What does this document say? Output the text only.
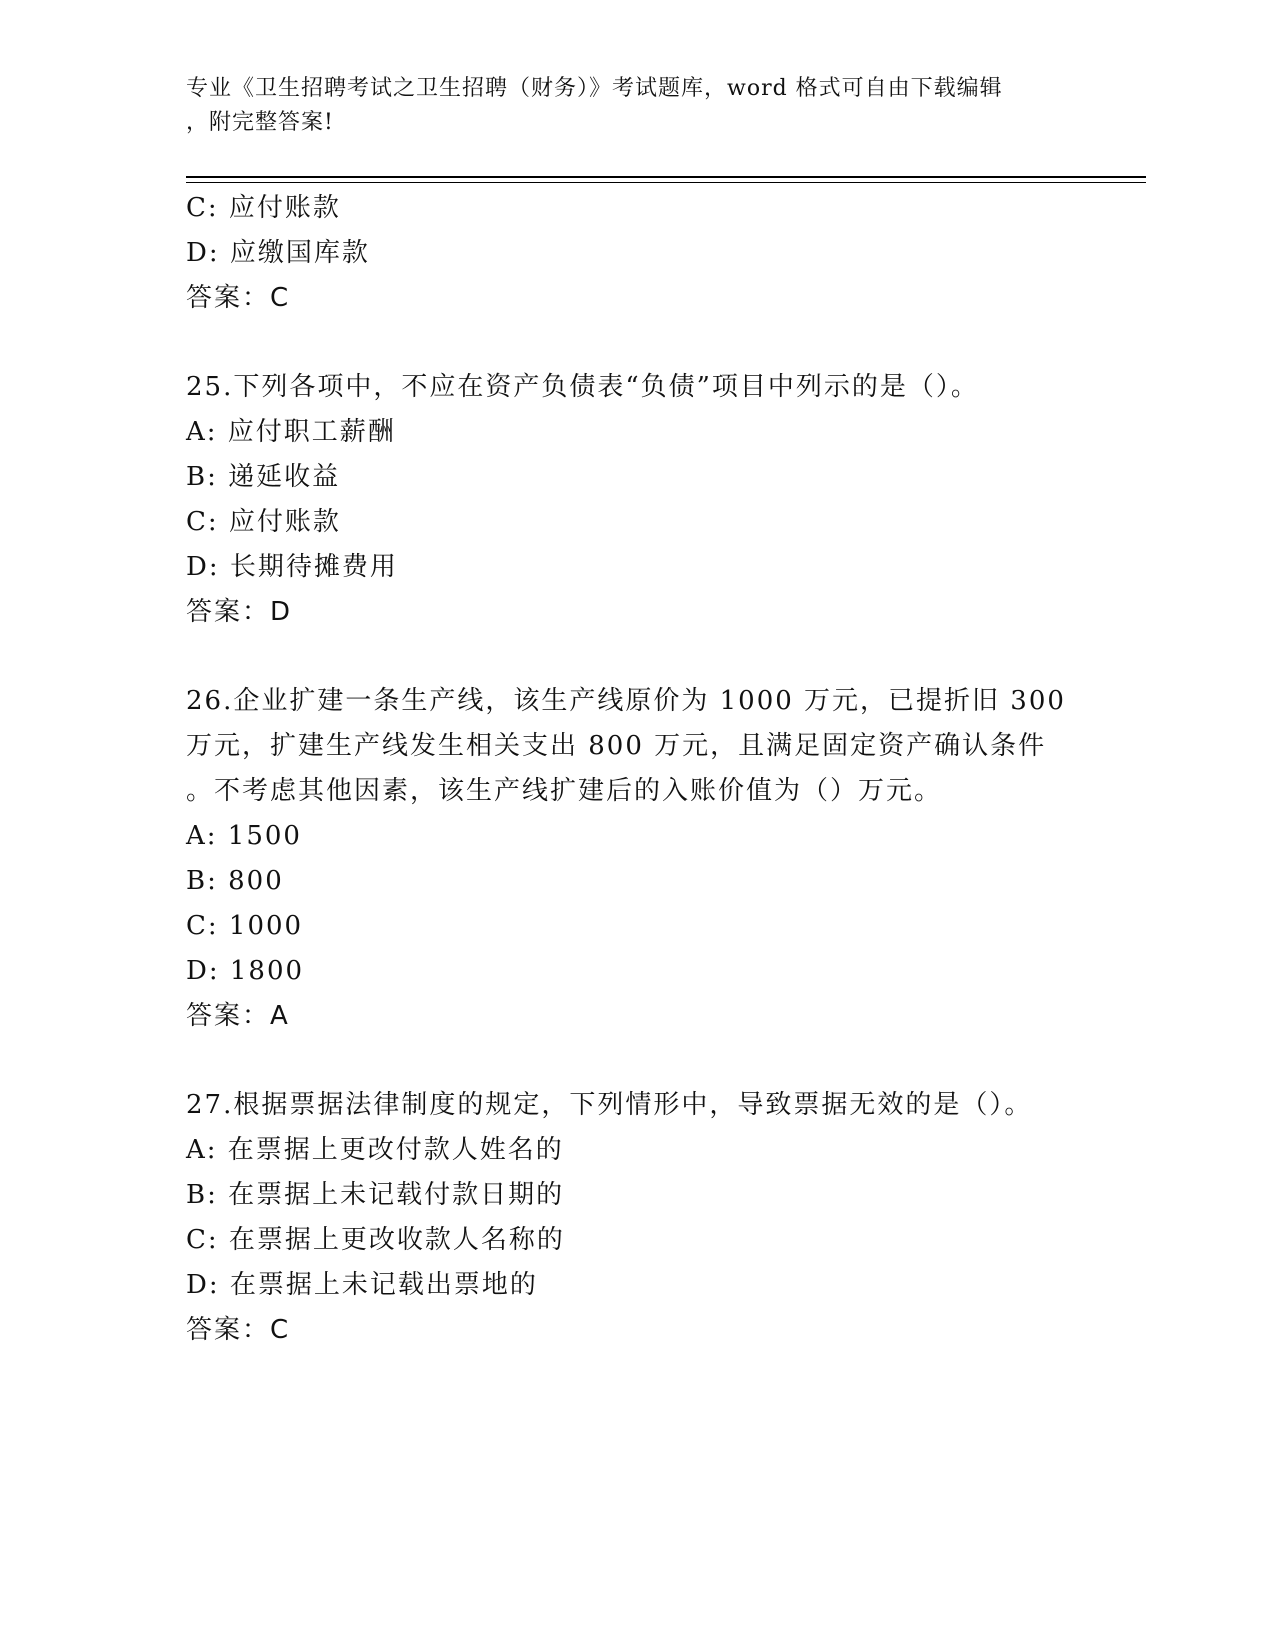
专业《卫生招聘考试之卫生招聘（财务）》考试题库，word 格式可自由下载编辑
，附完整答案!
C: 应付账款
D: 应缴国库款
答案：C
25.下列各项中，不应在资产负债表“负债”项目中列示的是（）。
A: 应付职工薪酬
B: 递延收益
C: 应付账款
D: 长期待摊费用
答案：D
26.企业扩建一条生产线，该生产线原价为 1000 万元，已提折旧 300
万元，扩建生产线发生相关支出 800 万元，且满足固定资产确认条件
。不考虑其他因素，该生产线扩建后的入账价值为（）万元。
A: 1500
B: 800
C: 1000
D: 1800
答案：A
27.根据票据法律制度的规定，下列情形中，导致票据无效的是（）。
A: 在票据上更改付款人姓名的
B: 在票据上未记载付款日期的
C: 在票据上更改收款人名称的
D: 在票据上未记载出票地的
答案：C
